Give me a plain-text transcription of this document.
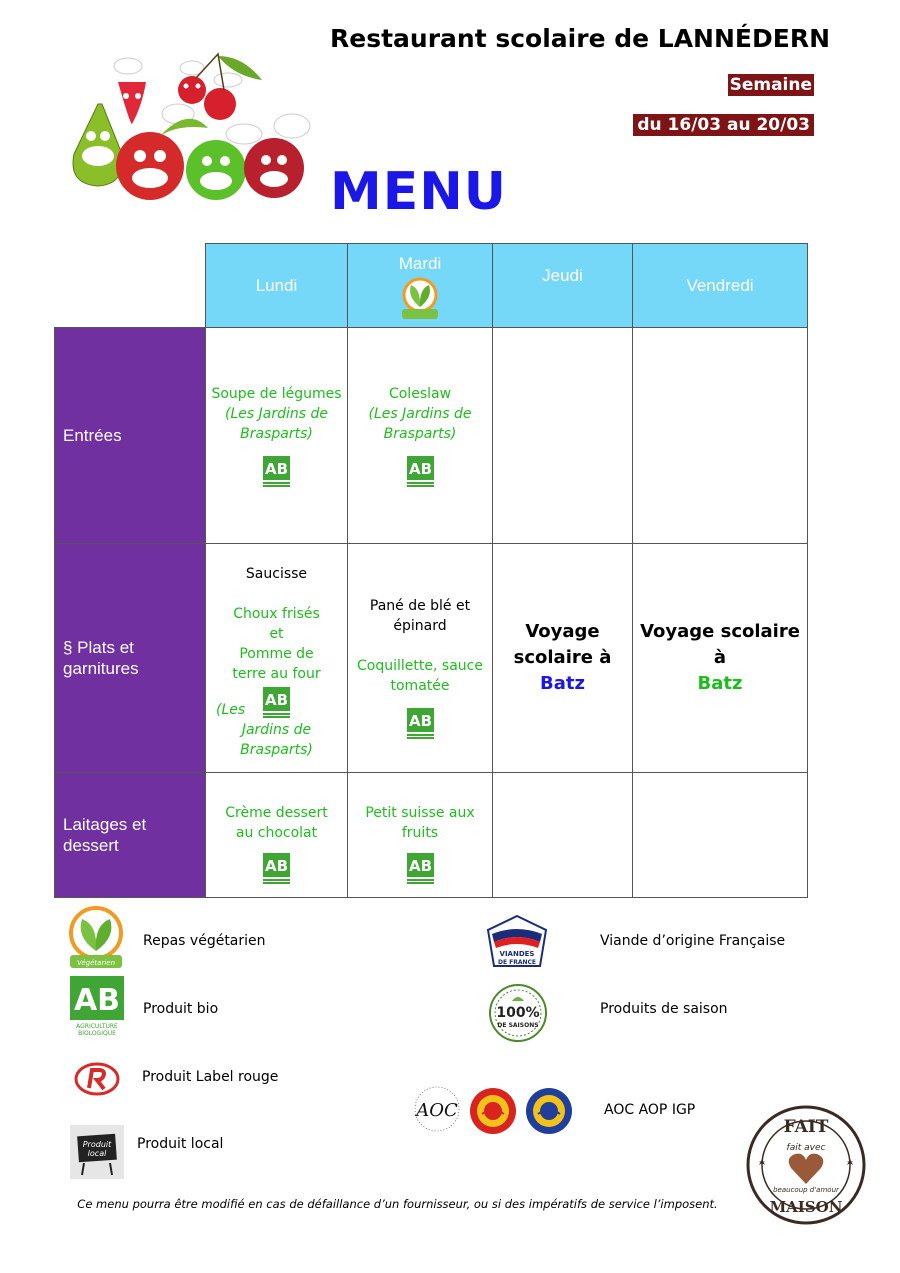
Restaurant scolaire de LANNÉDERN
Semaine
du 16/03 au 20/03
MENU
Lundi
Mardi
Jeudi	Vendredi
Entrées
Soupe de légumes
(Les Jardins de Brasparts)
AB
Coleslaw
(Les Jardins de Brasparts)
AB
§ Plats et garnitures
Saucisse
Choux frisés
et
Pomme de terre au four
(Les
AB
Jardins de Brasparts)
Pané de blé et épinard
Coquillette, sauce tomatée
AB
Voyage scolaire à
Batz
Voyage scolaire à
Batz
Laitages et dessert
Crème dessert au chocolat
AB
Petit suisse aux fruits
AB
Végétarien
Repas végétarien
AB
AGRICULTURE
BIOLOGIQUE
Produit bio
Produit Label rouge
Produit
local
Produit local
VIANDES
DE FRANCE
Viande d’origine Française
100%
DE SAISONS
Produits de saison
AOC	AOC AOP IGP
FAIT
MAISON
fait avec
beaucoup d'amour
Ce menu pourra être modifié en cas de défaillance d’un fournisseur, ou si des impératifs de service l’imposent.
